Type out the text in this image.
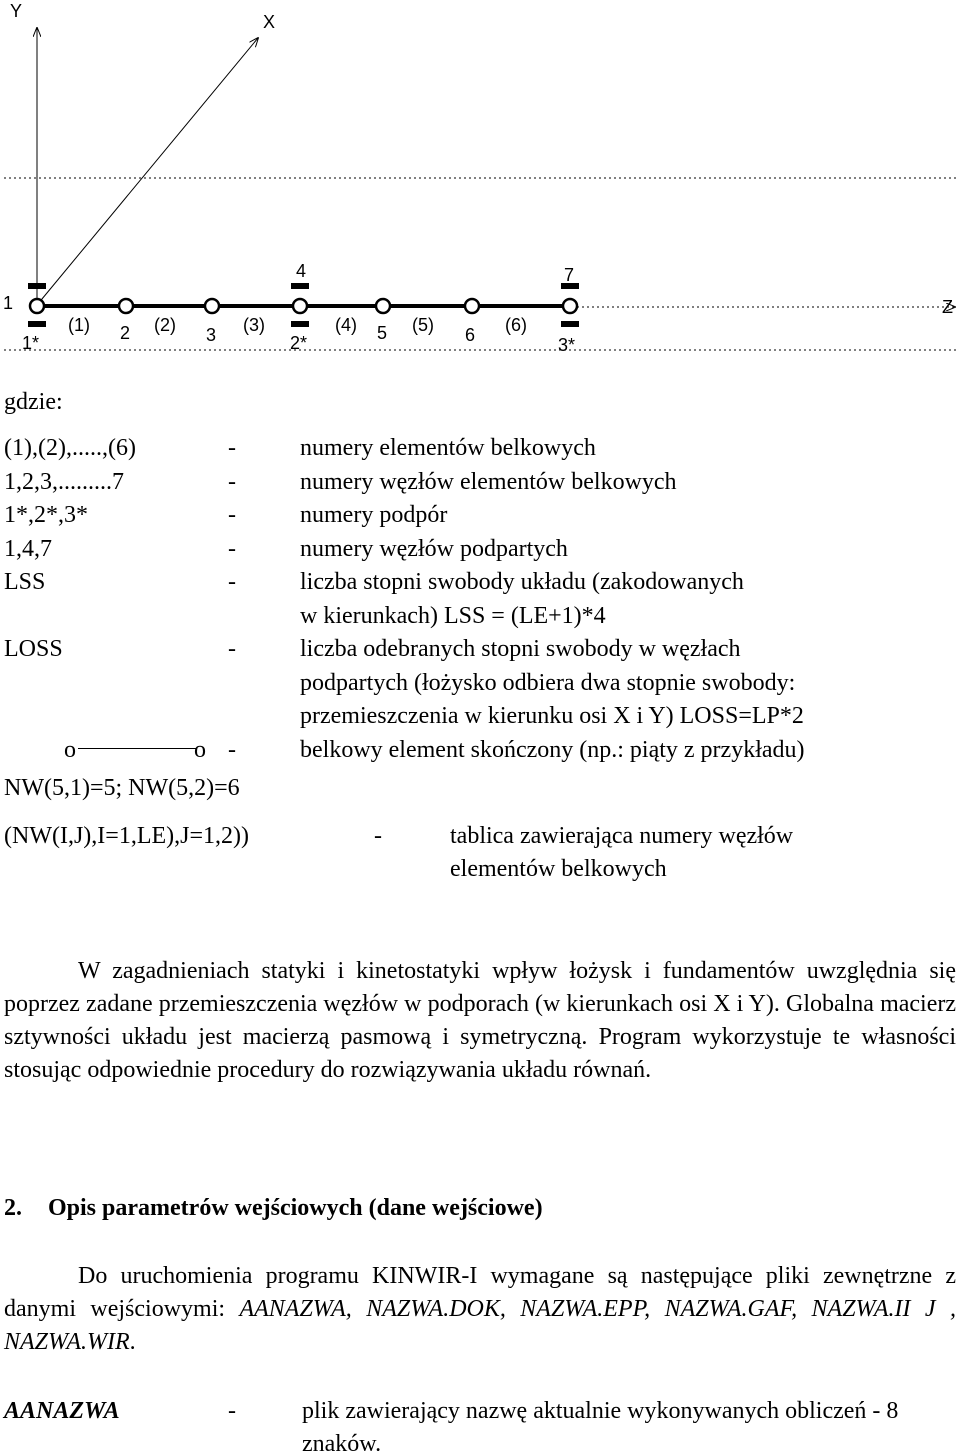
Y
X
Z
1
2	3
4
5	6
7
(1)	(2)	(3)	(4)	(5)	(6)
1*	2*	3*
gdzie:
(1),(2),.....,(6)	-	numery elementów belkowych
1,2,3,.........7	-	numery węzłów elementów belkowych
1*,2*,3*	-	numery podpór
1,4,7	-	numery węzłów podpartych
LSS	-	liczba stopni swobody układu (zakodowanych
w kierunkach) LSS = (LE+1)*4
LOSS	-	liczba odebranych stopni swobody w węzłach
podpartych (łożysko odbiera dwa stopnie swobody:
przemieszczenia w kierunku osi X i Y) LOSS=LP*2
o	o -	belkowy element skończony (np.: piąty z przykładu)
NW(5,1)=5; NW(5,2)=6
(NW(I,J),I=1,LE),J=1,2))	-	tablica zawierająca numery węzłów
elementów belkowych
W zagadnieniach statyki i kinetostatyki wpływ łożysk i fundamentów uwzględnia się poprzez zadane przemieszczenia węzłów w podporach (w kierunkach osi X i Y). Globalna macierz sztywności układu jest macierzą pasmową i symetryczną. Program wykorzystuje te własności stosując odpowiednie procedury do rozwiązywania układu równań.
2. Opis parametrów wejściowych (dane wejściowe)
Do uruchomienia programu KINWIR-I wymagane są następujące pliki zewnętrzne z danymi wejściowymi: AANAZWA, NAZWA.DOK, NAZWA.EPP, NAZWA.GAF, NAZWA.II J , NAZWA.WIR.
AANAZWA	-	plik zawierający nazwę aktualnie wykonywanych obliczeń - 8 znaków.
